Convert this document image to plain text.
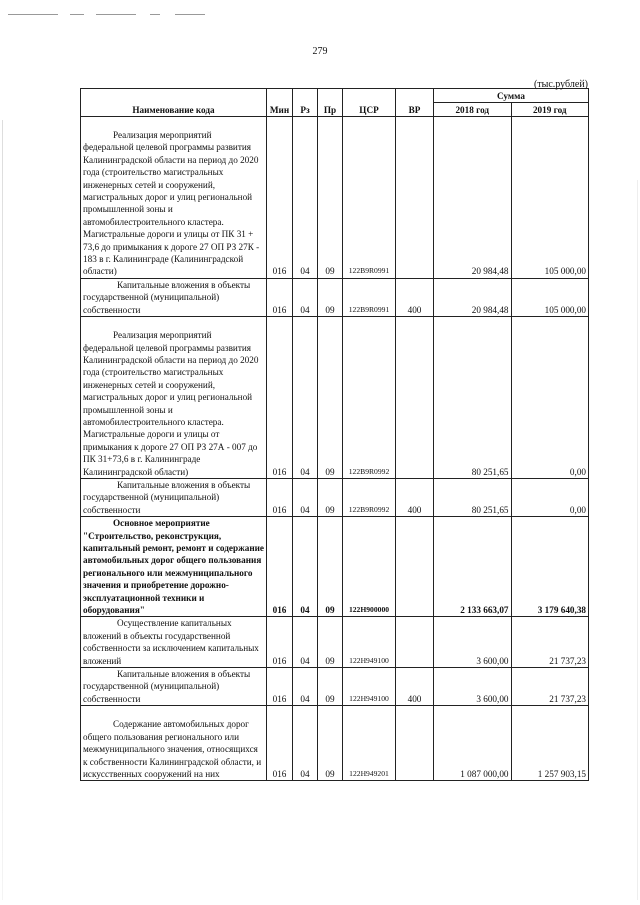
279
(тыс.рублей)
Наименование кода	Мин	Рз	Пр	ЦСР	ВР	Сумма	
						2018 год	2019 год
Реализация мероприятий федеральной целевой программы развития Калининградской области на период до 2020 года (строительство магистральных инженерных сетей и сооружений, магистральных дорог и улиц региональной промышленной зоны и автомобилестроительного кластера. Магистральные дороги и улицы от ПК 31 + 73,6 до примыкания к дороге 27 ОП РЗ 27К - 183 в г. Калининграде (Калининградской области)	016	04	09	122В9R0991		20 984,48	105 000,00
Капитальные вложения в объекты государственной (муниципальной) собственности	016	04	09	122В9R0991	400	20 984,48	105 000,00
Реализация мероприятий федеральной целевой программы развития Калининградской области на период до 2020 года (строительство магистральных инженерных сетей и сооружений, магистральных дорог и улиц региональной промышленной зоны и автомобилестроительного кластера. Магистральные дороги и улицы от примыкания к дороге 27 ОП РЗ 27А - 007 до ПК 31+73,6 в г. Калининграде Калининградской области)	016	04	09	122В9R0992		80 251,65	0,00
Капитальные вложения в объекты государственной (муниципальной) собственности	016	04	09	122В9R0992	400	80 251,65	0,00
Основное мероприятие "Строительство, реконструкция, капитальный ремонт, ремонт и содержание автомобильных дорог общего пользования регионального или межмуниципального значения и приобретение дорожно-эксплуатационной техники и оборудования"	016	04	09	122Н900000		2 133 663,07	3 179 640,38
Осуществление капитальных вложений в объекты государственной собственности за исключением капитальных вложений	016	04	09	122Н949100		3 600,00	21 737,23
Капитальные вложения в объекты государственной (муниципальной) собственности	016	04	09	122Н949100	400	3 600,00	21 737,23
Содержание автомобильных дорог общего пользования регионального или межмуниципального значения, относящихся к собственности Калининградской области, и искусственных сооружений на них	016	04	09	122Н949201		1 087 000,00	1 257 903,15
